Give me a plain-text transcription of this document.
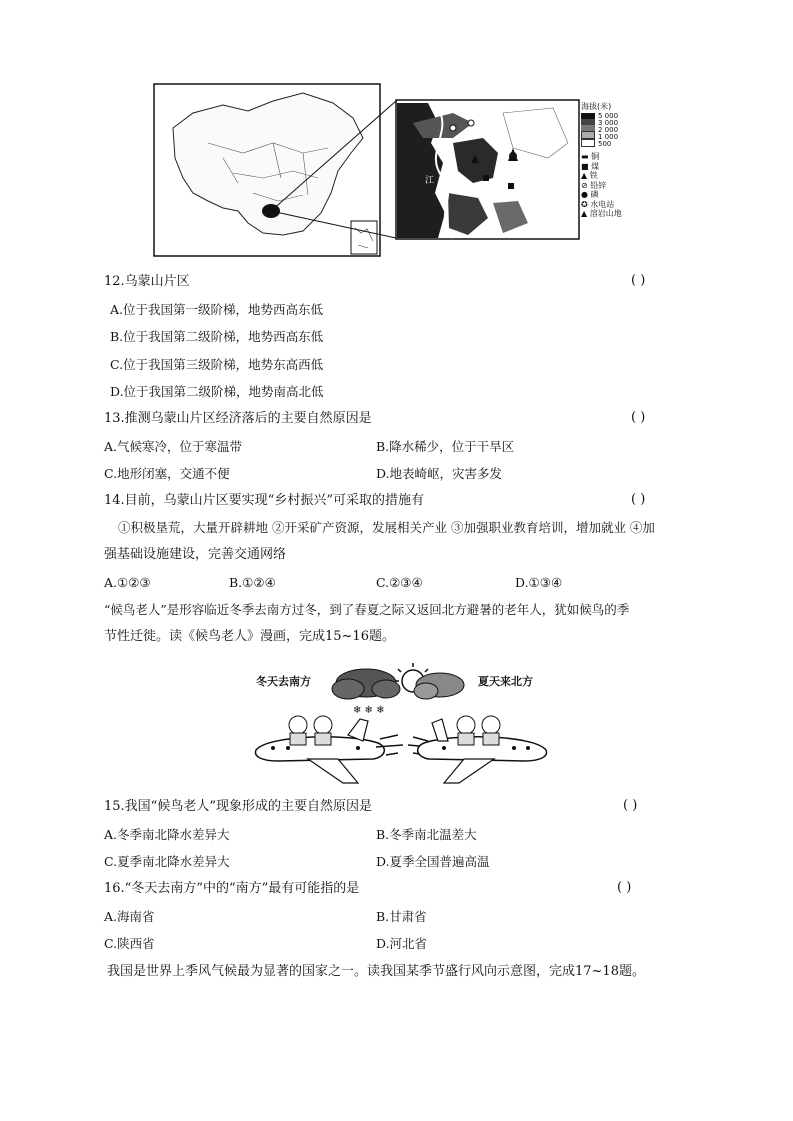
海拔(米)
5 000
3 000
2 000
1 000
500
▬ 铜
■ 煤
▲ 铁
⊘ 铅锌
● 磷
✪ 水电站
▲ 溶岩山地
江
12.乌蒙山片区	( )
A.位于我国第一级阶梯，地势西高东低
B.位于我国第二级阶梯，地势西高东低
C.位于我国第三级阶梯，地势东高西低
D.位于我国第二级阶梯，地势南高北低
13.推测乌蒙山片区经济落后的主要自然原因是	( )
A.气候寒冷，位于寒温带	B.降水稀少，位于干旱区
C.地形闭塞，交通不便	D.地表崎岖，灾害多发
14.目前，乌蒙山片区要实现“乡村振兴”可采取的措施有	( )
①积极垦荒，大量开辟耕地 ②开采矿产资源，发展相关产业 ③加强职业教育培训，增加就业 ④加
强基础设施建设，完善交通网络
A.①②③	B.①②④	C.②③④	D.①③④
“候鸟老人”是形容临近冬季去南方过冬，到了春夏之际又返回北方避暑的老年人，犹如候鸟的季
节性迁徙。读《候鸟老人》漫画，完成15~16题。
冬天去南方	夏天来北方
❄ ❄ ❄
15.我国“候鸟老人”现象形成的主要自然原因是	( )
A.冬季南北降水差异大	B.冬季南北温差大
C.夏季南北降水差异大	D.夏季全国普遍高温
16.“冬天去南方”中的“南方”最有可能指的是	( )
A.海南省	B.甘肃省
C.陕西省	D.河北省
我国是世界上季风气候最为显著的国家之一。读我国某季节盛行风向示意图，完成17~18题。
